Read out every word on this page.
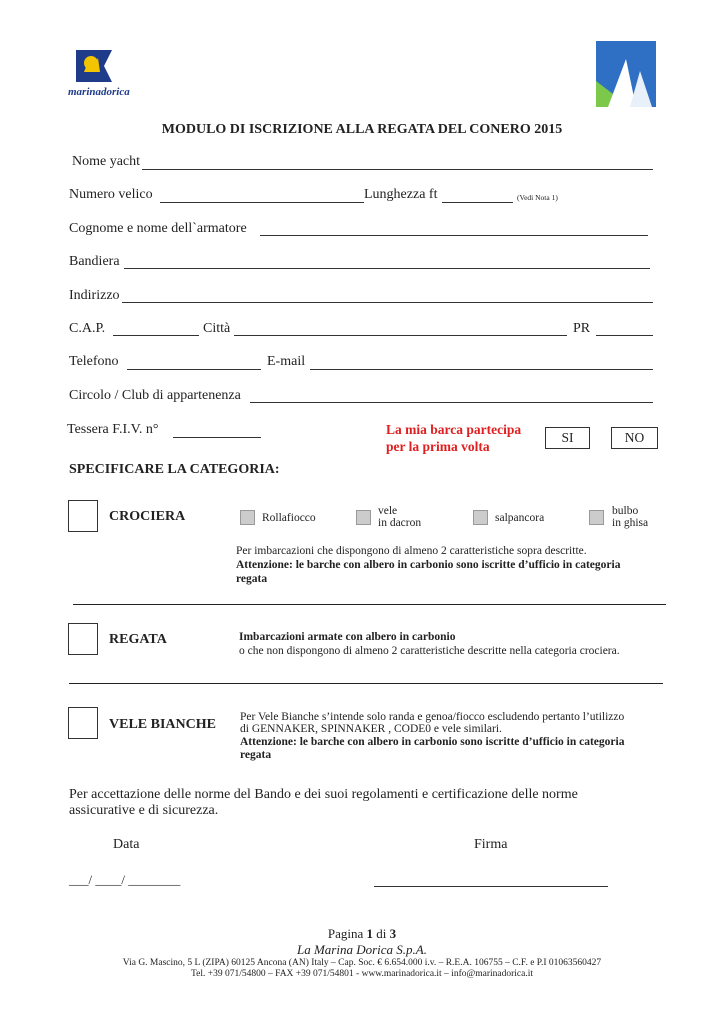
marinadorica
MODULO DI ISCRIZIONE ALLA REGATA DEL CONERO 2015
Nome yacht
Numero velico	Lunghezza ft	(Vedi Nota 1)
Cognome e nome dell`armatore
Bandiera
Indirizzo
C.A.P.	Città	PR
Telefono	E-mail
Circolo / Club di appartenenza
Tessera F.I.V. n°	La mia barca partecipa
per la prima volta
SI	NO
SPECIFICARE LA CATEGORIA:
CROCIERA	Rollafiocco
vele
in dacron	salpancora
bulbo
in ghisa
Per imbarcazioni che dispongono di almeno 2 caratteristiche sopra descritte.
Attenzione: le barche con albero in carbonio sono iscritte d’ufficio in categoria
regata
REGATA	Imbarcazioni armate con albero in carbonio
o che non dispongono di almeno 2 caratteristiche descritte nella categoria crociera.
VELE BIANCHE Per Vele Bianche s’intende solo randa e genoa/fiocco escludendo pertanto l’utilizzo
di GENNAKER, SPINNAKER , CODE0 e vele similari.
Attenzione: le barche con albero in carbonio sono iscritte d’ufficio in categoria
regata
Per accettazione delle norme del Bando e dei suoi regolamenti e certificazione delle norme
assicurative e di sicurezza.
Data	Firma
___/ ____/ ________
Pagina 1 di 3
La Marina Dorica S.p.A.
Via G. Mascino, 5 L (ZIPA) 60125 Ancona (AN) Italy – Cap. Soc. € 6.654.000 i.v. – R.E.A. 106755 – C.F. e P.I 01063560427
Tel. +39 071/54800 – FAX +39 071/54801 - www.marinadorica.it – info@marinadorica.it
